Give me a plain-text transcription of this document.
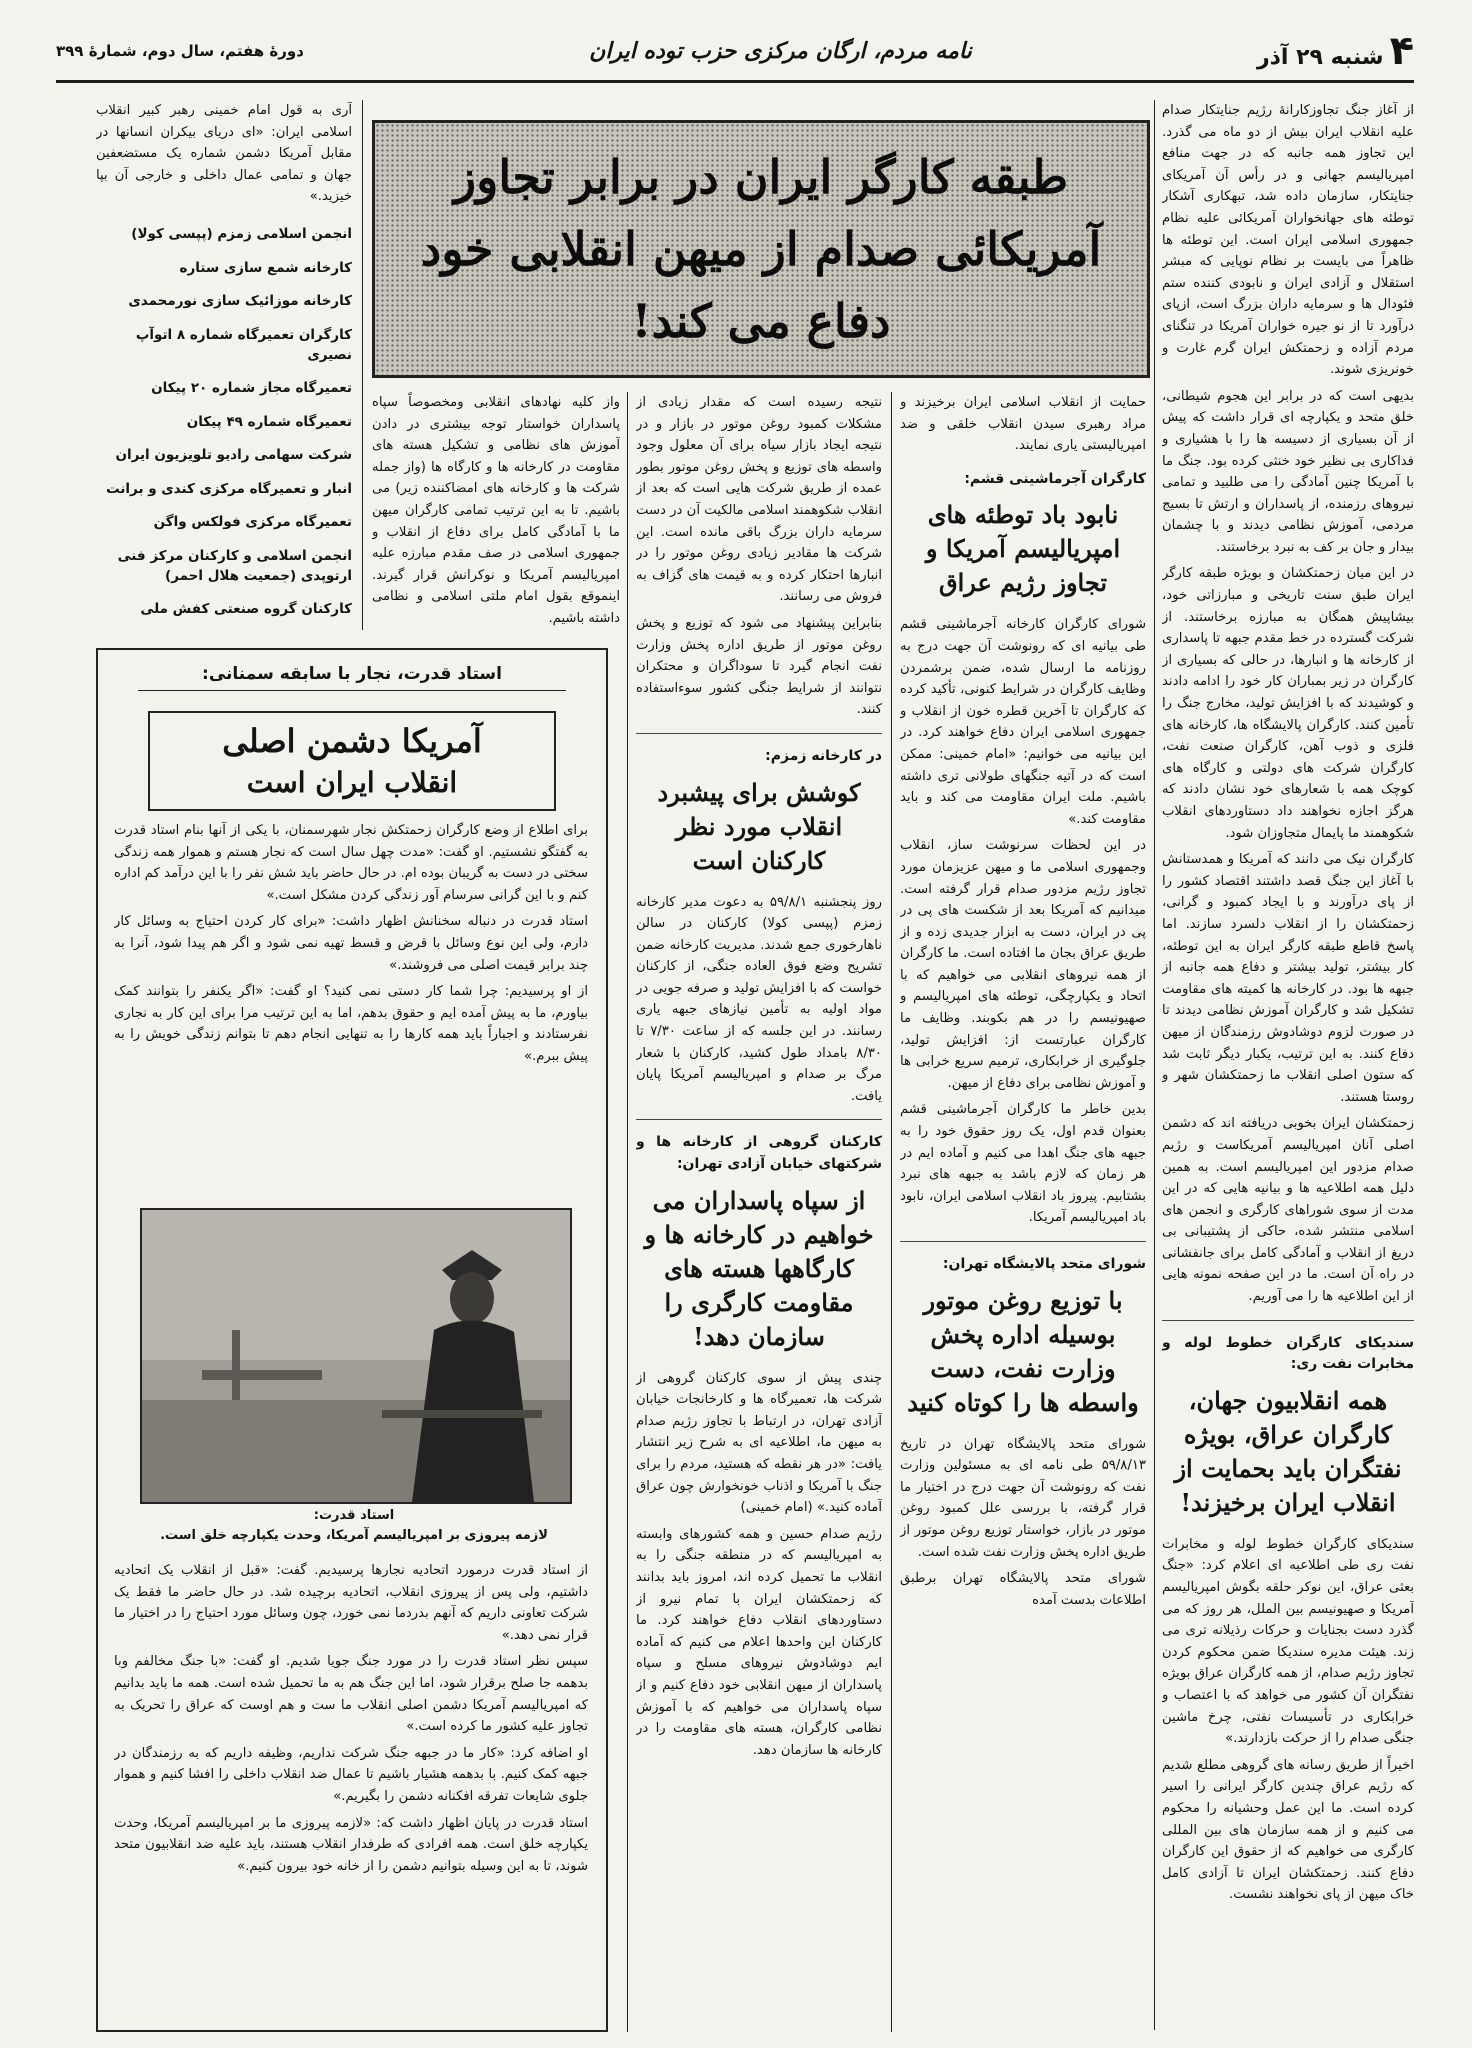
۴شنبه ۲۹ آذر
نامه مردم، ارگان مرکزی حزب توده ایران
دورهٔ هفتم، سال دوم، شمارهٔ ۳۹۹
طبقه کارگر ایران در برابر تجاوز
آمریکائی صدام از میهن انقلابی خود
دفاع می کند!

از آغاز جنگ تجاوزکارانهٔ رژیم جنایتکار صدام علیه انقلاب ایران بیش از دو ماه می گذرد. این تجاوز همه جانبه که در جهت منافع امپریالیسم جهانی و در رأس آن آمریکای جنایتکار، سازمان داده شد، تبهکاری آشکار توطئه های جهانخواران آمریکائی علیه نظام جمهوری اسلامی ایران است. این توطئه ها ظاهراً می بایست بر نظام نوپایی که مبشر استقلال و آزادی ایران و نابودی کننده ستم فئودال ها و سرمایه داران بزرگ است، ازپای درآورد تا از نو جیره خواران آمریکا در تنگنای مردم آزاده و زحمتکش ایران گرم غارت و خونریزی شوند.

بدیهی است که در برابر این هجوم شیطانی، خلق متحد و یکپارچه ای قرار داشت که پیش از آن بسیاری از دسیسه ها را با هشیاری و فداکاری بی نظیر خود خنثی کرده بود. جنگ ما با آمریکا چنین آمادگی را می طلبید و تمامی نیروهای رزمنده، از پاسداران و ارتش تا بسیج مردمی، آموزش نظامی دیدند و با چشمان بیدار و جان بر کف به نبرد برخاستند.

در این میان زحمتکشان و بویژه طبقه کارگر ایران طبق سنت تاریخی و مبارزاتی خود، بیشاپیش همگان به مبارزه برخاستند. از شرکت گسترده در خط مقدم جبهه تا پاسداری از کارخانه ها و انبارها، در حالی که بسیاری از کارگران در زیر بمباران کار خود را ادامه دادند و کوشیدند که با افزایش تولید، مخارج جنگ را تأمین کنند. کارگران پالایشگاه ها، کارخانه های فلزی و ذوب آهن، کارگران صنعت نفت، کارگران شرکت های دولتی و کارگاه های کوچک همه با شعارهای خود نشان دادند که هرگز اجازه نخواهند داد دستاوردهای انقلاب شکوهمند ما پایمال متجاوزان شود.

کارگران نیک می دانند که آمریکا و همدستانش با آغاز این جنگ قصد داشتند اقتصاد کشور را از پای درآورند و با ایجاد کمبود و گرانی، زحمتکشان را از انقلاب دلسرد سازند. اما پاسخ قاطع طبقه کارگر ایران به این توطئه، کار بیشتر، تولید بیشتر و دفاع همه جانبه از جبهه ها بود. در کارخانه ها کمیته های مقاومت تشکیل شد و کارگران آموزش نظامی دیدند تا در صورت لزوم دوشادوش رزمندگان از میهن دفاع کنند. به این ترتیب، یکبار دیگر ثابت شد که ستون اصلی انقلاب ما زحمتکشان شهر و روستا هستند.

زحمتکشان ایران بخوبی دریافته اند که دشمن اصلی آنان امپریالیسم آمریکاست و رژیم صدام مزدور این امپریالیسم است. به همین دلیل همه اطلاعیه ها و بیانیه هایی که در این مدت از سوی شوراهای کارگری و انجمن های اسلامی منتشر شده، حاکی از پشتیبانی بی دریغ از انقلاب و آمادگی کامل برای جانفشانی در راه آن است. ما در این صفحه نمونه هایی از این اطلاعیه ها را می آوریم.

سندیکای کارگران خطوط لوله و مخابرات نفت ری:
همه انقلابیون جهان، کارگران عراق، بویژه نفتگران باید بحمایت از انقلاب ایران برخیزند!

سندیکای کارگران خطوط لوله و مخابرات نفت ری طی اطلاعیه ای اعلام کرد: «جنگ بعثی عراق، این نوکر حلقه بگوش امپریالیسم آمریکا و صهیونیسم بین الملل، هر روز که می گذرد دست بجنایات و حرکات رذیلانه تری می زند. هیئت مدیره سندیکا ضمن محکوم کردن تجاوز رژیم صدام، از همه کارگران عراق بویژه نفتگران آن کشور می خواهد که با اعتصاب و خرابکاری در تأسیسات نفتی، چرخ ماشین جنگی صدام را از حرکت بازدارند.»

اخیراً از طریق رسانه های گروهی مطلع شدیم که رژیم عراق چندین کارگر ایرانی را اسیر کرده است. ما این عمل وحشیانه را محکوم می کنیم و از همه سازمان های بین المللی کارگری می خواهیم که از حقوق این کارگران دفاع کنند. زحمتکشان ایران تا آزادی کامل خاک میهن از پای نخواهند نشست.

حمایت از انقلاب اسلامی ایران برخیزند و مراد رهبری سیدن انقلاب خلقی و ضد امپریالیستی یاری نمایند.

کارگران آجرماشینی قشم:
نابود باد توطئه های امپریالیسم آمریکا و تجاوز رژیم عراق

شورای کارگران کارخانه آجرماشینی قشم طی بیانیه ای که رونوشت آن جهت درج به روزنامه ما ارسال شده، ضمن برشمردن وظایف کارگران در شرایط کنونی، تأکید کرده که کارگران تا آخرین قطره خون از انقلاب و جمهوری اسلامی ایران دفاع خواهند کرد. در این بیانیه می خوانیم: «امام خمینی: ممکن است که در آتیه جنگهای طولانی تری داشته باشیم. ملت ایران مقاومت می کند و باید مقاومت کند.»

در این لحظات سرنوشت ساز، انقلاب وجمهوری اسلامی ما و میهن عزیزمان مورد تجاوز رژیم مزدور صدام قرار گرفته است. میدانیم که آمریکا بعد از شکست های پی در پی در ایران، دست به ابزار جدیدی زده و از طریق عراق بجان ما افتاده است. ما کارگران از همه نیروهای انقلابی می خواهیم که با اتحاد و یکپارچگی، توطئه های امپریالیسم و صهیونیسم را در هم بکوبند. وظایف ما کارگران عبارتست از: افزایش تولید، جلوگیری از خرابکاری، ترمیم سریع خرابی ها و آموزش نظامی برای دفاع از میهن.

بدین خاطر ما کارگران آجرماشینی قشم بعنوان قدم اول، یک روز حقوق خود را به جبهه های جنگ اهدا می کنیم و آماده ایم در هر زمان که لازم باشد به جبهه های نبرد بشتابیم. پیروز باد انقلاب اسلامی ایران، نابود باد امپریالیسم آمریکا.

شورای متحد پالایشگاه تهران:
با توزیع روغن موتور بوسیله اداره پخش وزارت نفت، دست واسطه ها را کوتاه کنید

شورای متحد پالایشگاه تهران در تاریخ ۵۹/۸/۱۳ طی نامه ای به مسئولین وزارت نفت که رونوشت آن جهت درج در اختیار ما قرار گرفته، با بررسی علل کمبود روغن موتور در بازار، خواستار توزیع روغن موتور از طریق اداره پخش وزارت نفت شده است.

شورای متحد پالایشگاه تهران برطبق اطلاعات بدست آمده

نتیجه رسیده است که مقدار زیادی از مشکلات کمبود روغن موتور در بازار و در نتیجه ایجاد بازار سیاه برای آن معلول وجود واسطه های توزیع و پخش روغن موتور بطور عمده از طریق شرکت هایی است که بعد از انقلاب شکوهمند اسلامی مالکیت آن در دست سرمایه داران بزرگ باقی مانده است. این شرکت ها مقادیر زیادی روغن موتور را در انبارها احتکار کرده و به قیمت های گزاف به فروش می رسانند.

بنابراین پیشنهاد می شود که توزیع و پخش روغن موتور از طریق اداره پخش وزارت نفت انجام گیرد تا سوداگران و محتکران نتوانند از شرایط جنگی کشور سوءاستفاده کنند.

در کارخانه زمزم:
کوشش برای پیشبرد انقلاب مورد نظر کارکنان است

روز پنجشنبه ۵۹/۸/۱ به دعوت مدیر کارخانه زمزم (پپسی کولا) کارکنان در سالن ناهارخوری جمع شدند. مدیریت کارخانه ضمن تشریح وضع فوق العاده جنگی، از کارکنان خواست که با افزایش تولید و صرفه جویی در مواد اولیه به تأمین نیازهای جبهه یاری رسانند. در این جلسه که از ساعت ۷/۳۰ تا ۸/۳۰ بامداد طول کشید، کارکنان با شعار مرگ بر صدام و امپریالیسم آمریکا پایان یافت.

کارکنان گروهی از کارخانه ها و شرکتهای خیابان آزادی تهران:
از سپاه پاسداران می خواهیم در کارخانه ها و کارگاهها هسته های مقاومت کارگری را سازمان دهد!

چندی پیش از سوی کارکنان گروهی از شرکت ها، تعمیرگاه ها و کارخانجات خیابان آزادی تهران، در ارتباط با تجاوز رژیم صدام به میهن ما، اطلاعیه ای به شرح زیر انتشار یافت: «در هر نقطه که هستید، مردم را برای جنگ با آمریکا و اذناب خونخوارش چون عراق آماده کنید.» (امام خمینی)

رژیم صدام حسین و همه کشورهای وابسته به امپریالیسم که در منطقه جنگی را به انقلاب ما تحمیل کرده اند، امروز باید بدانند که زحمتکشان ایران با تمام نیرو از دستاوردهای انقلاب دفاع خواهند کرد. ما کارکنان این واحدها اعلام می کنیم که آماده ایم دوشادوش نیروهای مسلح و سپاه پاسداران از میهن انقلابی خود دفاع کنیم و از سپاه پاسداران می خواهیم که با آموزش نظامی کارگران، هسته های مقاومت را در کارخانه ها سازمان دهد.

واز کلیه نهادهای انقلابی ومخصوصاً سپاه پاسداران خواستار توجه بیشتری در دادن آموزش های نظامی و تشکیل هسته های مقاومت در کارخانه ها و کارگاه ها (واز جمله شرکت ها و کارخانه های امضاکننده زیر) می باشیم. تا به این ترتیب تمامی کارگران میهن ما با آمادگی کامل برای دفاع از انقلاب و جمهوری اسلامی در صف مقدم مبارزه علیه امپریالیسم آمریکا و نوکرانش قرار گیرند. اینموقع بقول امام ملتی اسلامی و نظامی داشته باشیم.

آری به قول امام خمینی رهبر کبیر انقلاب اسلامی ایران: «ای دریای بیکران انسانها در مقابل آمریکا دشمن شماره یک مستضعفین جهان و تمامی عمال داخلی و خارجی آن بپا خیزید.»

انجمن اسلامی زمزم (پپسی کولا)
کارخانه شمع سازی ستاره
کارخانه موزائیک سازی نورمحمدی
کارگران تعمیرگاه شماره ۸ اتوآپ نصیری
تعمیرگاه مجاز شماره ۲۰ پیکان
تعمیرگاه شماره ۴۹ پیکان
شرکت سهامی رادیو تلویزیون ایران
انبار و تعمیرگاه مرکزی کندی و برانت
تعمیرگاه مرکزی فولکس واگن
انجمن اسلامی و کارکنان مرکز فنی ارتوپدی (جمعیت هلال احمر)
کارکنان گروه صنعتی کفش ملی
استاد قدرت، نجار با سابقه سمنانی:
آمریکا دشمن اصلی
انقلاب ایران است

برای اطلاع از وضع کارگران زحمتکش نجار شهرسمنان، با یکی از آنها بنام استاد قدرت به گفتگو نشستیم. او گفت: «مدت چهل سال است که نجار هستم و هموار همه زندگی سختی در دست به گریبان بوده ام. در حال حاضر باید شش نفر را با این درآمد کم اداره کنم و با این گرانی سرسام آور زندگی کردن مشکل است.»

استاد قدرت در دنباله سخنانش اظهار داشت: «برای کار کردن احتیاج به وسائل کار دارم، ولی این نوع وسائل با قرض و قسط تهیه نمی شود و اگر هم پیدا شود، آنرا به چند برابر قیمت اصلی می فروشند.»

از او پرسیدیم: چرا شما کار دستی نمی کنید؟ او گفت: «اگر یکنفر را بتوانند کمک بیاورم، ما به پیش آمده ایم و حقوق بدهم، اما به این ترتیب مرا برای این کار به نجاری نفرستادند و اجباراً باید همه کارها را به تنهایی انجام دهم تا بتوانم زندگی خویش را به پیش ببرم.»

از استاد قدرت درمورد اتحادیه نجارها پرسیدیم. گفت: «قبل از انقلاب یک اتحادیه داشتیم، ولی پس از پیروزی انقلاب، اتحادیه برچیده شد. در حال حاضر ما فقط یک شرکت تعاونی داریم که آنهم بدردما نمی خورد، چون وسائل مورد احتیاج را در اختیار ما قرار نمی دهد.»

سپس نظر استاد قدرت را در مورد جنگ جویا شدیم. او گفت: «با جنگ مخالفم وبا بدهمه جا صلح برقرار شود، اما این جنگ هم به ما تحمیل شده است. همه ما باید بدانیم که امپریالیسم آمریکا دشمن اصلی انقلاب ما ست و هم اوست که عراق را تحریک به تجاوز علیه کشور ما کرده است.»

او اضافه کرد: «کار ما در جبهه جنگ شرکت نداریم، وظیفه داریم که به رزمندگان در جبهه کمک کنیم. با بدهمه هشیار باشیم تا عمال ضد انقلاب داخلی را افشا کنیم و هموار جلوی شایعات تفرقه افکنانه دشمن را بگیریم.»

استاد قدرت در پایان اظهار داشت که: «لازمه پیروزی ما بر امپریالیسم آمریکا، وحدت یکپارچه خلق است. همه افرادی که طرفدار انقلاب هستند، باید علیه ضد انقلابیون متحد شوند، تا به این وسیله بتوانیم دشمن را از خانه خود بیرون کنیم.»

استاد قدرت:
لازمه پیروزی بر امپریالیسم آمریکا، وحدت یکپارچه خلق است.
